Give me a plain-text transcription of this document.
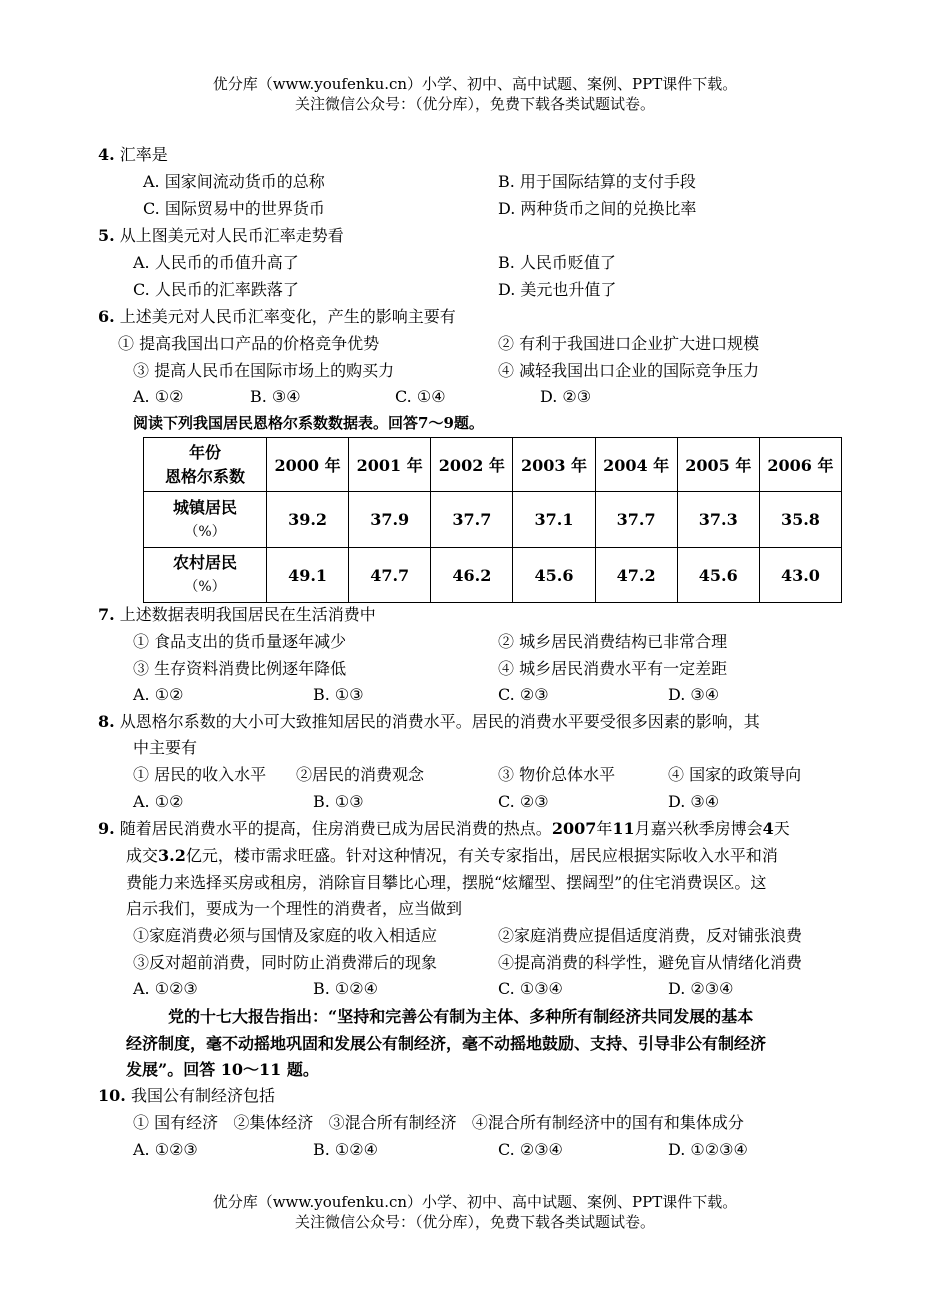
优分库（www.youfenku.cn）小学、初中、高中试题、案例、PPT课件下载。
关注微信公众号：（优分库），免费下载各类试题试卷。
4. 汇率是
A. 国家间流动货币的总称	B. 用于国际结算的支付手段
C. 国际贸易中的世界货币	D. 两种货币之间的兑换比率
5. 从上图美元对人民币汇率走势看
A. 人民币的币值升高了	B. 人民币贬值了
C. 人民币的汇率跌落了	D. 美元也升值了
6. 上述美元对人民币汇率变化，产生的影响主要有
① 提高我国出口产品的价格竞争优势	② 有利于我国进口企业扩大进口规模
③ 提高人民币在国际市场上的购买力	④ 减轻我国出口企业的国际竞争压力
A. ①②	B. ③④	C. ①④	D. ②③
阅读下列我国居民恩格尔系数数据表。回答7～9题。
年份
恩格尔系数	2000 年	2001 年	2002 年	2003 年	2004 年	2005 年	2006 年

城镇居民
（%）	39.2	37.9	37.7	37.1	37.7	37.3	35.8

农村居民
（%）	49.1	47.7	46.2	45.6	47.2	45.6	43.0
7. 上述数据表明我国居民在生活消费中
① 食品支出的货币量逐年减少	② 城乡居民消费结构已非常合理
③ 生存资料消费比例逐年降低	④ 城乡居民消费水平有一定差距
A. ①②	B. ①③	C. ②③	D. ③④
8. 从恩格尔系数的大小可大致推知居民的消费水平。居民的消费水平要受很多因素的影响，其
中主要有
① 居民的收入水平 ②居民的消费观念	③ 物价总体水平	④ 国家的政策导向
A. ①②	B. ①③	C. ②③	D. ③④
9. 随着居民消费水平的提高，住房消费已成为居民消费的热点。2007年11月嘉兴秋季房博会4天
成交3.2亿元，楼市需求旺盛。针对这种情况，有关专家指出，居民应根据实际收入水平和消
费能力来选择买房或租房，消除盲目攀比心理，摆脱“炫耀型、摆阔型”的住宅消费误区。这
启示我们，要成为一个理性的消费者，应当做到
①家庭消费必须与国情及家庭的收入相适应	②家庭消费应提倡适度消费，反对铺张浪费
③反对超前消费，同时防止消费滞后的现象	④提高消费的科学性，避免盲从情绪化消费
A. ①②③	B. ①②④	C. ①③④	D. ②③④
党的十七大报告指出：“坚持和完善公有制为主体、多种所有制经济共同发展的基本
经济制度，毫不动摇地巩固和发展公有制经济，毫不动摇地鼓励、支持、引导非公有制经济
发展”。回答 10～11 题。
10. 我国公有制经济包括
① 国有经济   ②集体经济   ③混合所有制经济   ④混合所有制经济中的国有和集体成分
A. ①②③	B. ①②④	C. ②③④	D. ①②③④
优分库（www.youfenku.cn）小学、初中、高中试题、案例、PPT课件下载。
关注微信公众号：（优分库），免费下载各类试题试卷。
